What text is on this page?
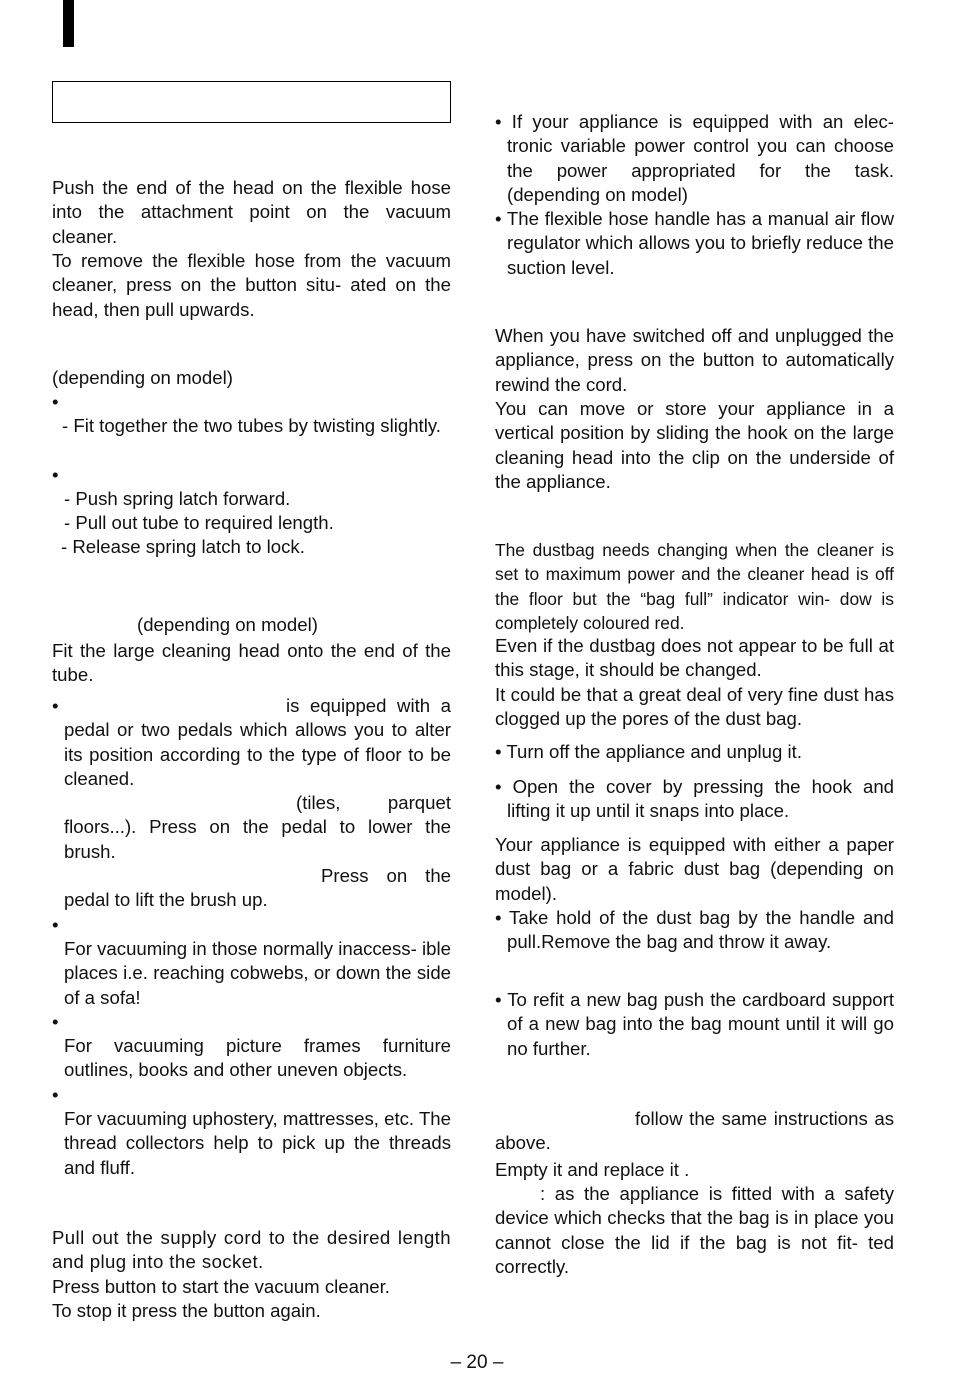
Push the end of the head on the flexible hose into the attachment point on the vacuum cleaner.

To remove the flexible hose from the vacuum cleaner, press on the button situ- ated on the head, then pull upwards.

(depending on model)

•

- Fit together the two tubes by twisting slightly.

•

- Push spring latch forward.

- Pull out tube to required length.

- Release spring latch to lock.

(depending on model)

Fit the large cleaning head onto the end of the tube.

•	is equipped with a pedal or two pedals which allows you to alter its position according to the type of floor to be cleaned.

(tiles, parquet floors...). Press on the pedal to lower the brush.

Press on the pedal to lift the brush up.

•

For vacuuming in those normally inaccess- ible places i.e. reaching cobwebs, or down the side of a sofa!

•

For vacuuming picture frames furniture outlines, books and other uneven objects.

•

For vacuuming uphostery, mattresses, etc. The thread collectors help to pick up the threads and fluff.

Pull out the supply cord to the desired length and plug into the socket.

Press button to start the vacuum cleaner.

To stop it press the button again.

• If your appliance is equipped with an elec- tronic variable power control you can choose the power appropriated for the task. (depending on model)

• The flexible hose handle has a manual air flow regulator which allows you to briefly reduce the suction level.

When you have switched off and unplugged the appliance, press on the button to automatically rewind the cord.

You can move or store your appliance in a vertical position by sliding the hook on the large cleaning head into the clip on the underside of the appliance.

The dustbag needs changing when the cleaner is set to maximum power and the cleaner head is off the floor but the “bag full” indicator win- dow is completely coloured red.

Even if the dustbag does not appear to be full at this stage, it should be changed.

It could be that a great deal of very fine dust has clogged up the pores of the dust bag.

• Turn off the appliance and unplug it.

• Open the cover by pressing the hook and lifting it up until it snaps into place.

Your appliance is equipped with either a paper dust bag or a fabric dust bag (depending on model).

• Take hold of the dust bag by the handle and pull.Remove the bag and throw it away.

• To refit a new bag push the cardboard support of a new bag into the bag mount until it will go no further.

follow the same instructions as above.

Empty it and replace it .

: as the appliance is fitted with a safety device which checks that the bag is in place you cannot close the lid if the bag is not fit- ted correctly.

– 20 –
